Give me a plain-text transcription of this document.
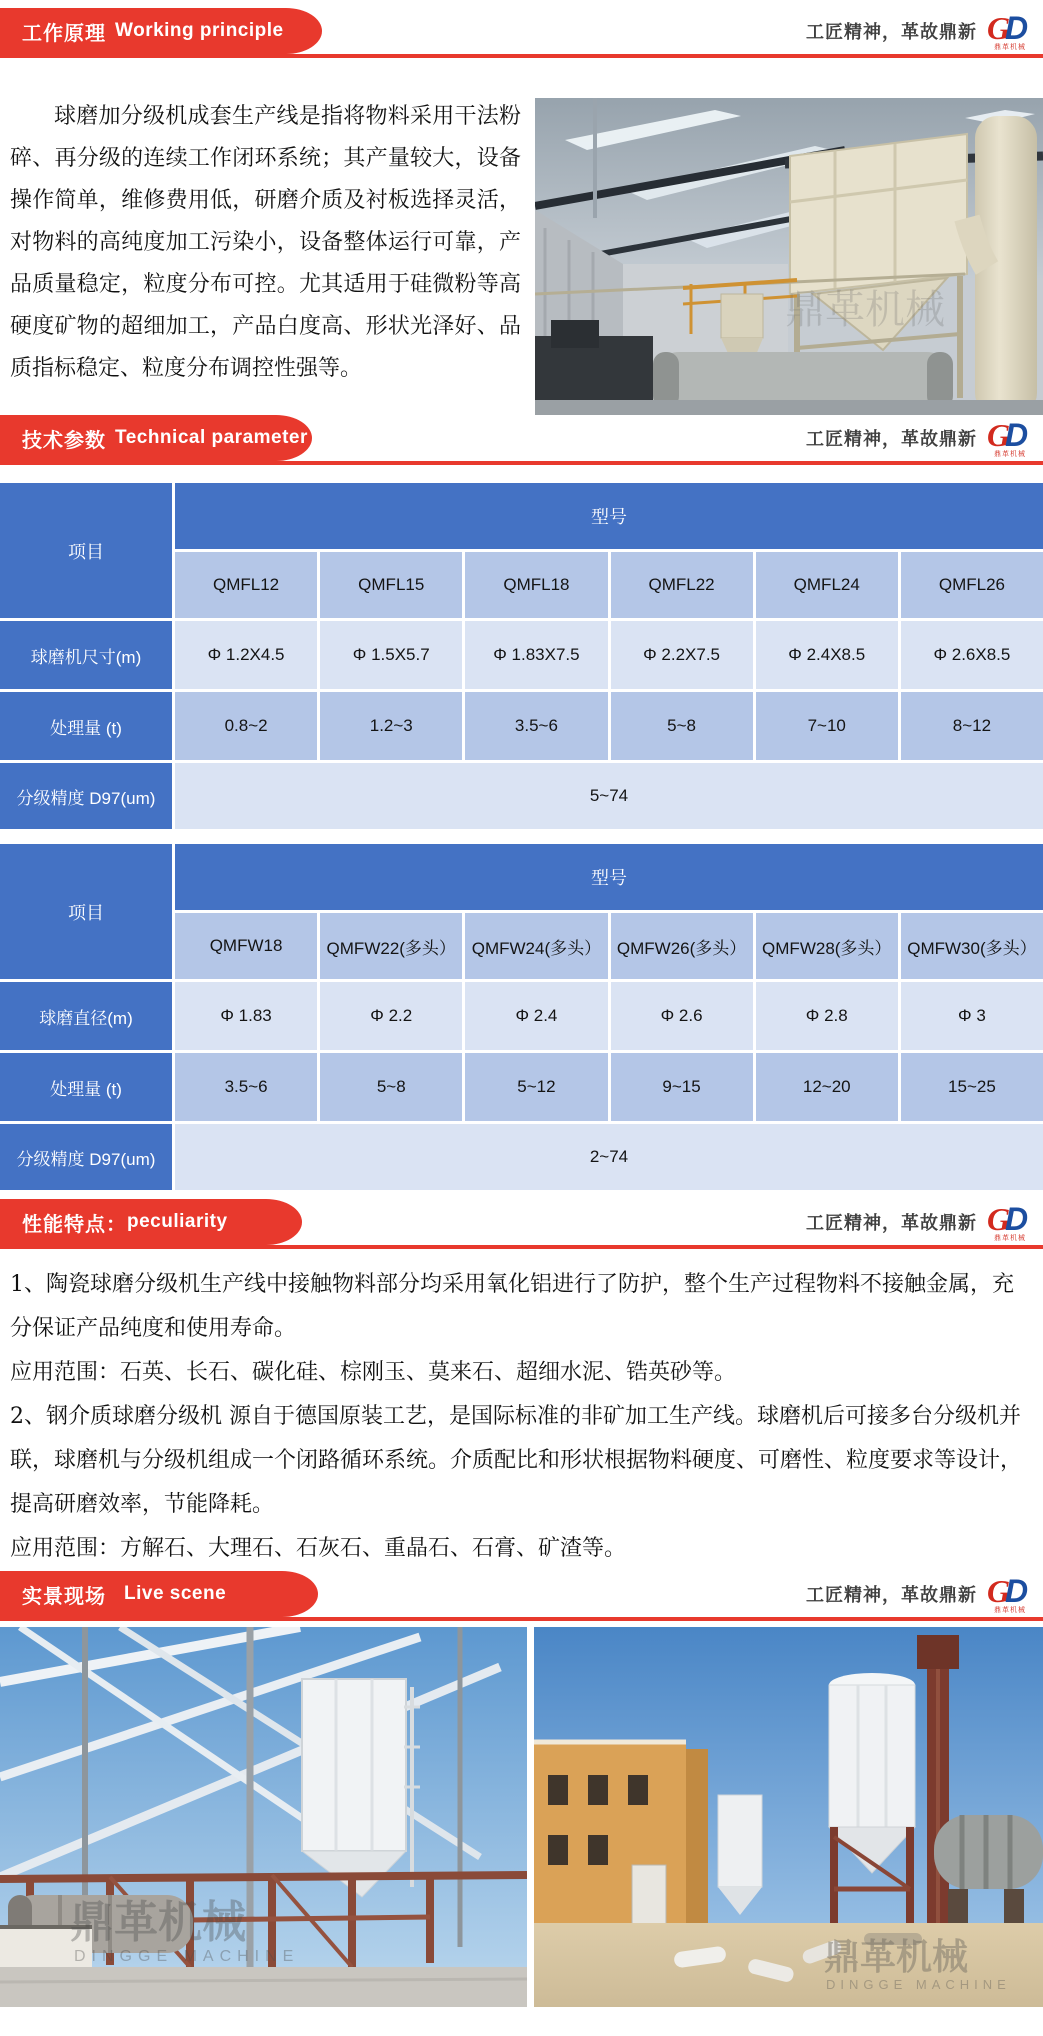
工作原理 Working principle	工匠精神，革故鼎新 G
D
鼎革机械
球磨加分级机成套生产线是指将物料采用干法粉碎、再分级的连续工作闭环系统；其产量较大，设备操作简单，维修费用低，研磨介质及衬板选择灵活，对物料的高纯度加工污染小，设备整体运行可靠，产品质量稳定，粒度分布可控。尤其适用于硅微粉等高硬度矿物的超细加工，产品白度高、形状光泽好、品质指标稳定、粒度分布调控性强等。
鼎革机械
技术参数 Technical parameter	工匠精神，革故鼎新 G
D
鼎革机械
项目
型号
QMFL12	QMFL15	QMFL18	QMFL22	QMFL24	QMFL26
球磨机尺寸(m)	Φ 1.2X4.5	Φ 1.5X5.7	Φ 1.83X7.5	Φ 2.2X7.5	Φ 2.4X8.5	Φ 2.6X8.5
处理量 (t)	0.8~2	1.2~3	3.5~6	5~8	7~10	8~12
分级精度 D97(um)	5~74
项目
型号
QMFW18	QMFW22(多头） QMFW24(多头） QMFW26(多头） QMFW28(多头） QMFW30(多头）
球磨直径(m)	Φ 1.83	Φ 2.2	Φ 2.4	Φ 2.6	Φ 2.8	Φ 3
处理量 (t)	3.5~6	5~8	5~12	9~15	12~20	15~25
分级精度 D97(um)	2~74
性能特点： peculiarity	工匠精神，革故鼎新 G
D
鼎革机械

1、陶瓷球磨分级机生产线中接触物料部分均采用氧化铝进行了防护，整个生产过程物料不接触金属，充分保证产品纯度和使用寿命。

应用范围：石英、长石、碳化硅、棕刚玉、莫来石、超细水泥、锆英砂等。

2、钢介质球磨分级机 源自于德国原装工艺，是国际标准的非矿加工生产线。球磨机后可接多台分级机并联，球磨机与分级机组成一个闭路循环系统。介质配比和形状根据物料硬度、可磨性、粒度要求等设计，提高研磨效率，节能降耗。

应用范围：方解石、大理石、石灰石、重晶石、石膏、矿渣等。

实景现场 Live scene	工匠精神，革故鼎新 G
D
鼎革机械
鼎革机械
DINGGE MACHINE	鼎革机械
DINGGE MACHINE
